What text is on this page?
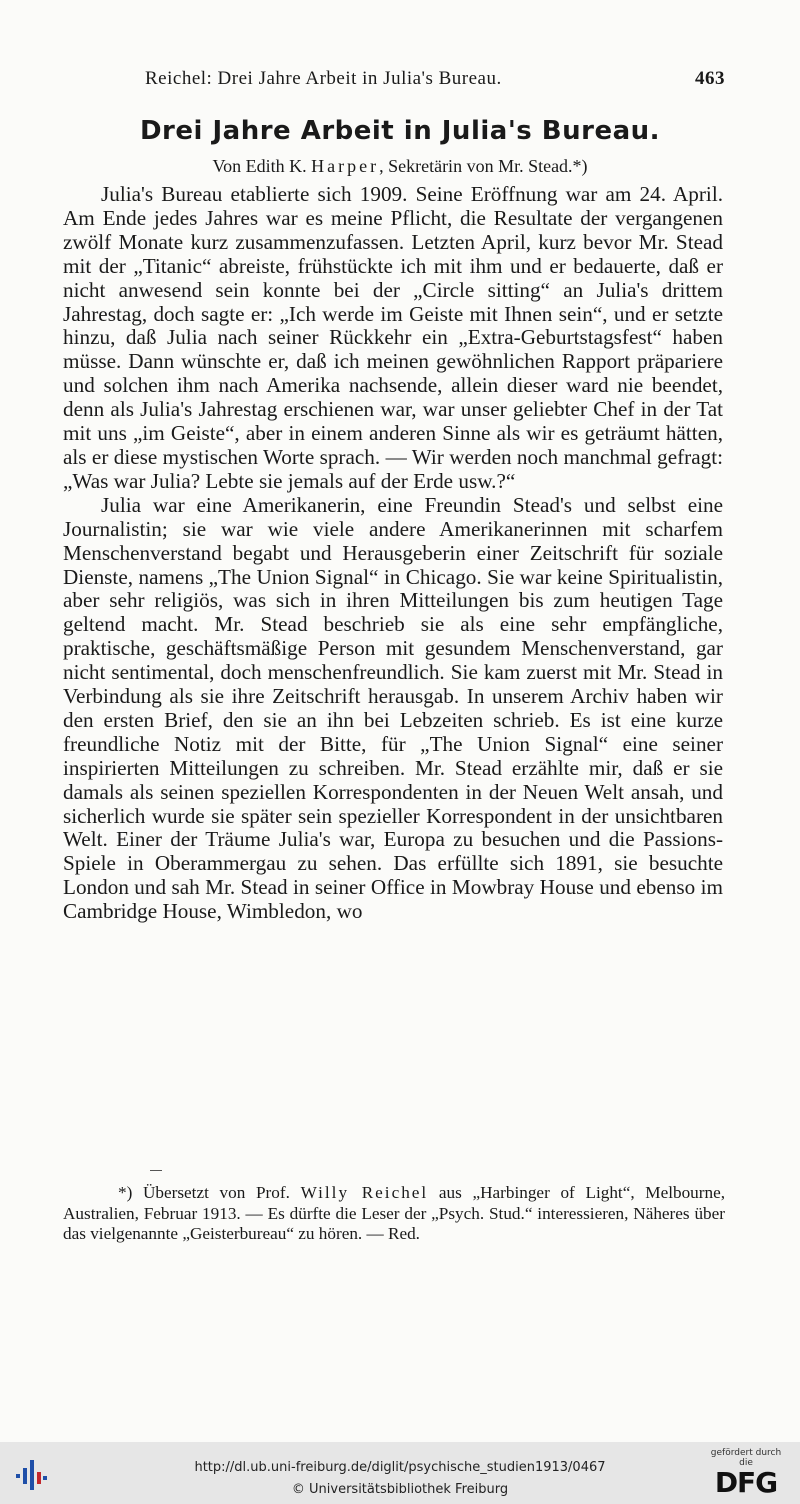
Reichel: Drei Jahre Arbeit in Julia's Bureau.	463
Drei Jahre Arbeit in Julia's Bureau.
Von Edith K. Harper, Sekretärin von Mr. Stead.*)

Julia's Bureau etablierte sich 1909. Seine Eröffnung war am 24. April. Am Ende jedes Jahres war es meine Pflicht, die Resultate der vergangenen zwölf Monate kurz zusammenzufassen. Letzten April, kurz bevor Mr. Stead mit der „Titanic“ abreiste, frühstückte ich mit ihm und er bedauerte, daß er nicht anwesend sein konnte bei der „Circle sitting“ an Julia's drittem Jahrestag, doch sagte er: „Ich werde im Geiste mit Ihnen sein“, und er setzte hinzu, daß Julia nach seiner Rückkehr ein „Extra-Geburtstagsfest“ haben müsse. Dann wünschte er, daß ich meinen gewöhnlichen Rapport präpariere und solchen ihm nach Amerika nachsende, allein dieser ward nie beendet, denn als Julia's Jahrestag erschienen war, war unser geliebter Chef in der Tat mit uns „im Geiste“, aber in einem anderen Sinne als wir es geträumt hätten, als er diese mystischen Worte sprach. — Wir werden noch manchmal gefragt: „Was war Julia? Lebte sie jemals auf der Erde usw.?“

Julia war eine Amerikanerin, eine Freundin Stead's und selbst eine Journalistin; sie war wie viele andere Amerikanerinnen mit scharfem Menschenverstand begabt und Herausgeberin einer Zeitschrift für soziale Dienste, namens „The Union Signal“ in Chicago. Sie war keine Spiritualistin, aber sehr religiös, was sich in ihren Mitteilungen bis zum heutigen Tage geltend macht. Mr. Stead beschrieb sie als eine sehr empfängliche, praktische, geschäftsmäßige Person mit gesundem Menschenverstand, gar nicht sentimental, doch menschenfreundlich. Sie kam zuerst mit Mr. Stead in Verbindung als sie ihre Zeitschrift herausgab. In unserem Archiv haben wir den ersten Brief, den sie an ihn bei Lebzeiten schrieb. Es ist eine kurze freundliche Notiz mit der Bitte, für „The Union Signal“ eine seiner inspirierten Mitteilungen zu schreiben. Mr. Stead erzählte mir, daß er sie damals als seinen speziellen Korrespondenten in der Neuen Welt ansah, und sicherlich wurde sie später sein spezieller Korrespondent in der unsichtbaren Welt. Einer der Träume Julia's war, Europa zu besuchen und die Passions-Spiele in Oberammergau zu sehen. Das erfüllte sich 1891, sie besuchte London und sah Mr. Stead in seiner Office in Mowbray House und ebenso im Cambridge House, Wimbledon, wo

*) Übersetzt von Prof. Willy Reichel aus „Harbinger of Light“, Melbourne, Australien, Februar 1913. — Es dürfte die Leser der „Psych. Stud.“ interessieren, Näheres über das vielgenannte „Geisterbureau“ zu hören. — Red.

http://dl.ub.uni-freiburg.de/diglit/psychische_studien1913/0467
© Universitätsbibliothek Freiburg
gefördert durch die
DFG
